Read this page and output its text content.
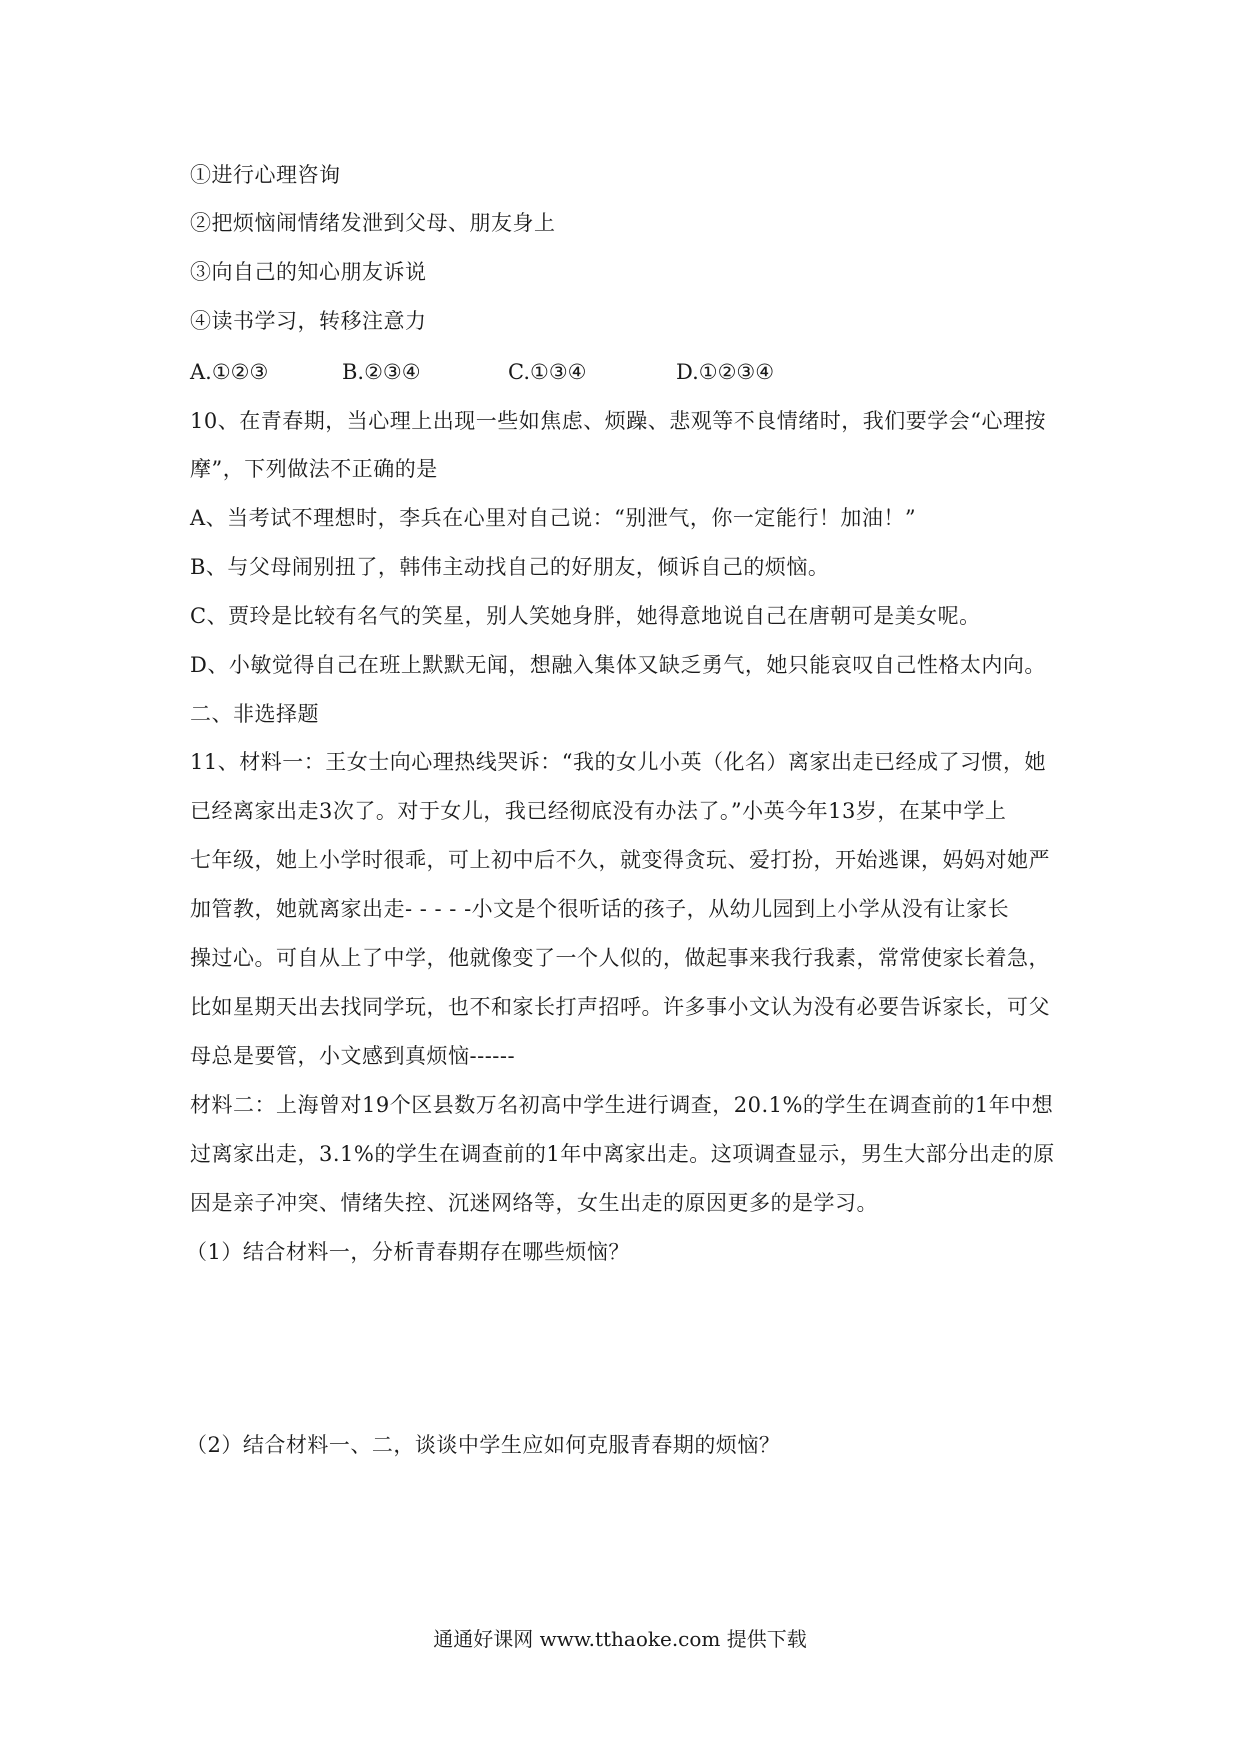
①进行心理咨询
②把烦恼闹情绪发泄到父母、朋友身上
③向自己的知心朋友诉说
④读书学习，转移注意力
A.①②③	B.②③④	C.①③④	D.①②③④
10、在青春期，当心理上出现一些如焦虑、烦躁、悲观等不良情绪时，我们要学会“心理按
摩”，下列做法不正确的是
A、当考试不理想时，李兵在心里对自己说：“别泄气，你一定能行！加油！”
B、与父母闹别扭了，韩伟主动找自己的好朋友，倾诉自己的烦恼。
C、贾玲是比较有名气的笑星，别人笑她身胖，她得意地说自己在唐朝可是美女呢。
D、小敏觉得自己在班上默默无闻，想融入集体又缺乏勇气，她只能哀叹自己性格太内向。
二、非选择题
11、材料一：王女士向心理热线哭诉：“我的女儿小英（化名）离家出走已经成了习惯，她
已经离家出走3次了。对于女儿，我已经彻底没有办法了。”小英今年13岁，在某中学上
七年级，她上小学时很乖，可上初中后不久，就变得贪玩、爱打扮，开始逃课，妈妈对她严
加管教，她就离家出走- - - - -小文是个很听话的孩子，从幼儿园到上小学从没有让家长
操过心。可自从上了中学，他就像变了一个人似的，做起事来我行我素，常常使家长着急，
比如星期天出去找同学玩，也不和家长打声招呼。许多事小文认为没有必要告诉家长，可父
母总是要管，小文感到真烦恼------
材料二：上海曾对19个区县数万名初高中学生进行调查，20.1%的学生在调查前的1年中想
过离家出走，3.1%的学生在调查前的1年中离家出走。这项调查显示，男生大部分出走的原
因是亲子冲突、情绪失控、沉迷网络等，女生出走的原因更多的是学习。
（1）结合材料一，分析青春期存在哪些烦恼？
（2）结合材料一、二，谈谈中学生应如何克服青春期的烦恼？
通通好课网 www.tthaoke.com 提供下载
